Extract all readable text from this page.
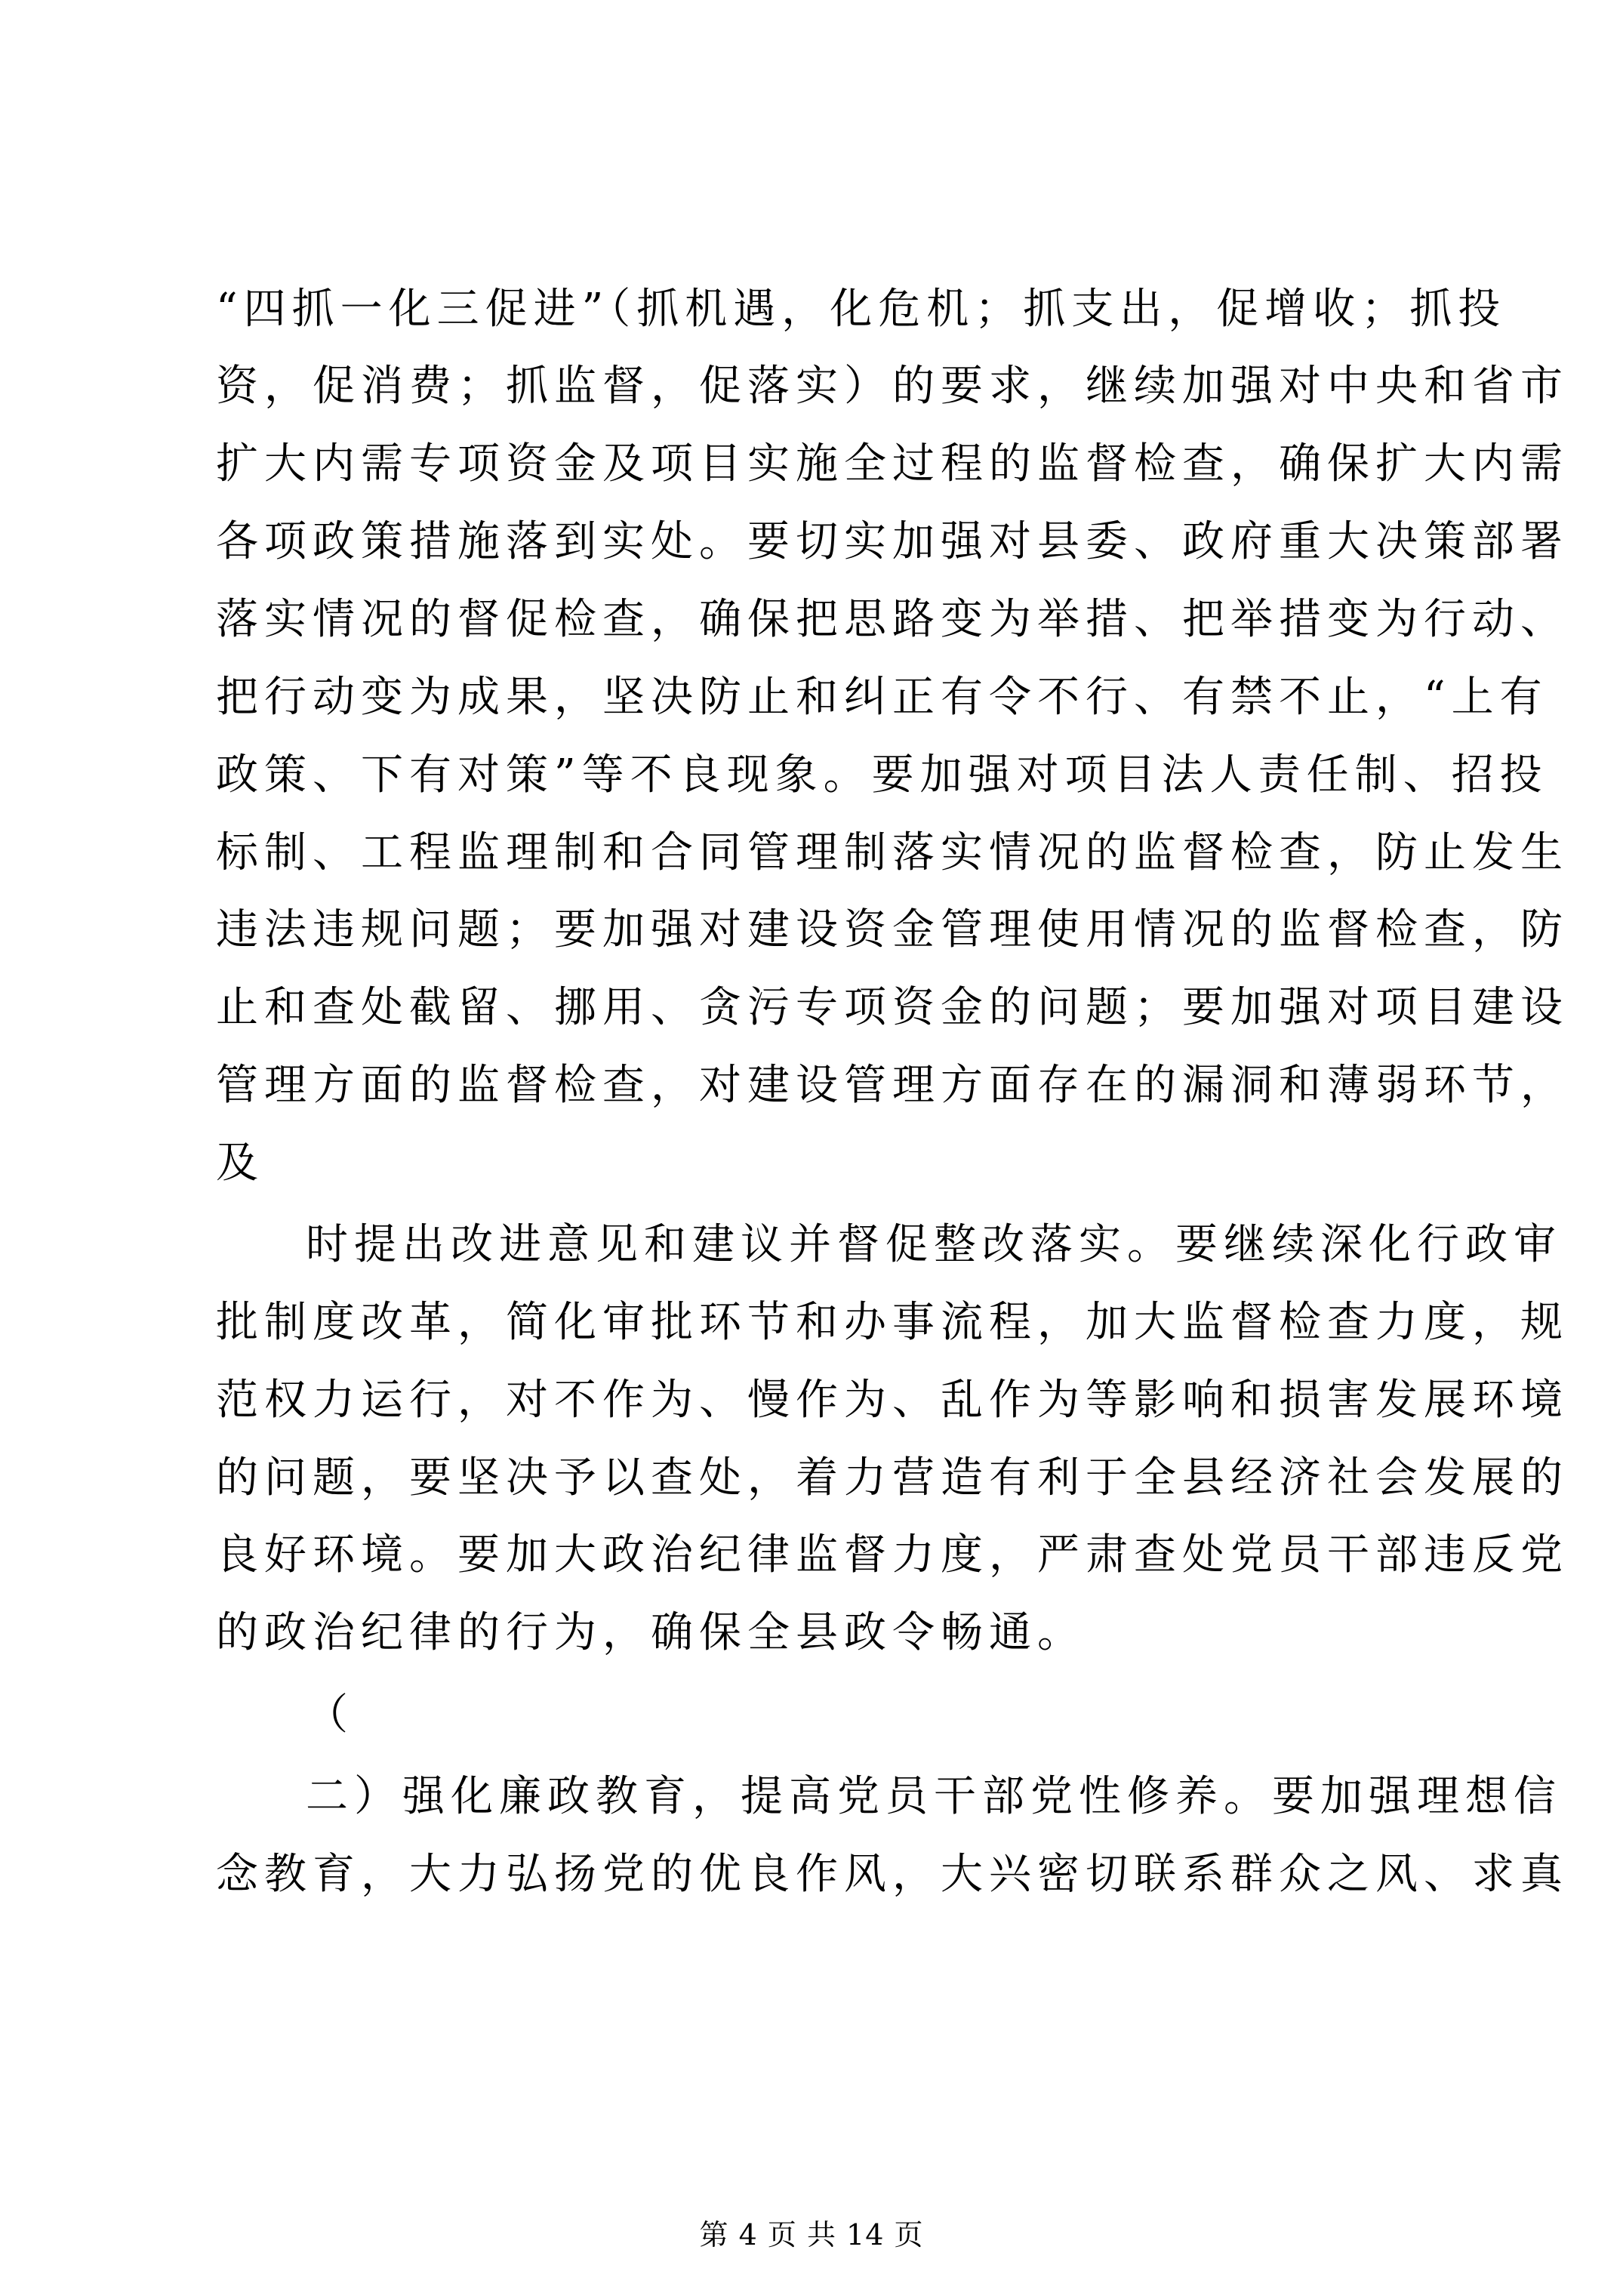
“四抓一化三促进”（抓机遇，化危机；抓支出，促增收；抓投
资，促消费；抓监督，促落实）的要求，继续加强对中央和省市
扩大内需专项资金及项目实施全过程的监督检查，确保扩大内需
各项政策措施落到实处。要切实加强对县委、政府重大决策部署
落实情况的督促检查，确保把思路变为举措、把举措变为行动、
把行动变为成果，坚决防止和纠正有令不行、有禁不止，“上有
政策、下有对策”等不良现象。要加强对项目法人责任制、招投
标制、工程监理制和合同管理制落实情况的监督检查，防止发生
违法违规问题；要加强对建设资金管理使用情况的监督检查，防
止和查处截留、挪用、贪污专项资金的问题；要加强对项目建设
管理方面的监督检查，对建设管理方面存在的漏洞和薄弱环节，
及
时提出改进意见和建议并督促整改落实。要继续深化行政审
批制度改革，简化审批环节和办事流程，加大监督检查力度，规
范权力运行，对不作为、慢作为、乱作为等影响和损害发展环境
的问题，要坚决予以查处，着力营造有利于全县经济社会发展的
良好环境。要加大政治纪律监督力度，严肃查处党员干部违反党
的政治纪律的行为，确保全县政令畅通。
（
二）强化廉政教育，提高党员干部党性修养。要加强理想信
念教育，大力弘扬党的优良作风，大兴密切联系群众之风、求真
第 4 页 共 14 页
